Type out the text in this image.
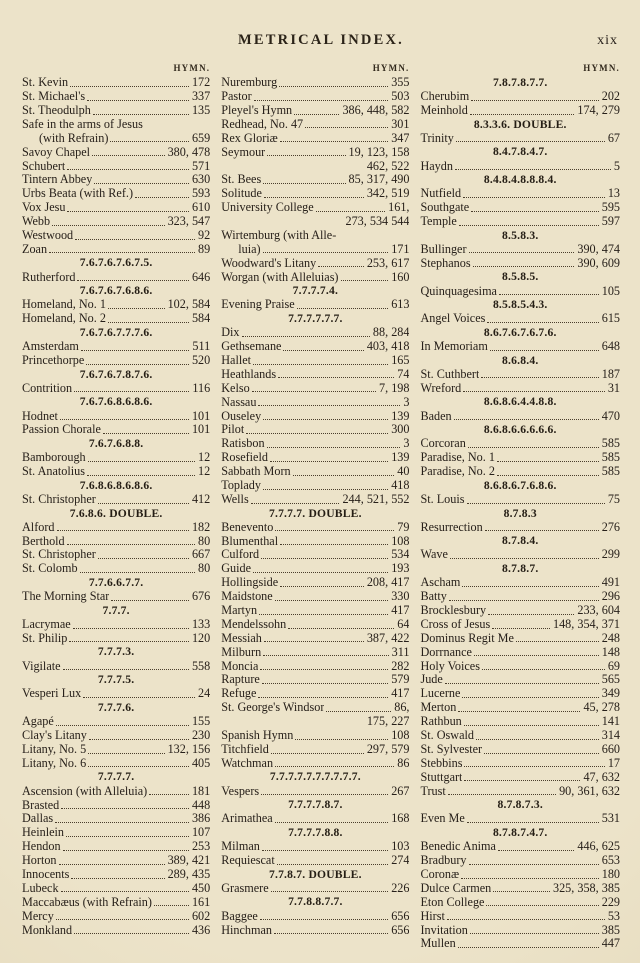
METRICAL INDEX.	xix
HYMN.
St. Kevin	172
St. Michael's	337
St. Theodulph	135
Safe in the arms of Jesus
(with Refrain)	659
Savoy Chapel	380, 478
Schubert	571
Tintern Abbey	630
Urbs Beata (with Ref.)	593
Vox Jesu	610
Webb	323, 547
Westwood	92
Zoan	89
7.6.7.6.7.6.7.5.
Rutherford	646
7.6.7.6.7.6.8.6.
Homeland, No. 1	102, 584
Homeland, No. 2	584
7.6.7.6.7.7.7.6.
Amsterdam	511
Princethorpe	520
7.6.7.6.7.8.7.6.
Contrition	116
7.6.7.6.8.6.8.6.
Hodnet	101
Passion Chorale	101
7.6.7.6.8.8.
Bamborough	12
St. Anatolius	12
7.6.8.6.8.6.8.6.
St. Christopher	412
7.6.8.6. DOUBLE.
Alford	182
Berthold	80
St. Christopher	667
St. Colomb	80
7.7.6.6.7.7.
The Morning Star	676
7.7.7.
Lacrymae	133
St. Philip	120
7.7.7.3.
Vigilate	558
7.7.7.5.
Vesperi Lux	24
7.7.7.6.
Agapé	155
Clay's Litany	230
Litany, No. 5	132, 156
Litany, No. 6	405
7.7.7.7.
Ascension (with Alleluia)	181
Brasted	448
Dallas	386
Heinlein	107
Hendon	253
Horton	389, 421
Innocents	289, 435
Lubeck	450
Maccabæus (with Refrain)	161
Mercy	602
Monkland	436
HYMN.
Nuremburg	355
Pastor	503
Pleyel's Hymn	386, 448, 582
Redhead, No. 47	301
Rex Gloriæ	347
Seymour	19, 123, 158
462, 522
St. Bees	85, 317, 490
Solitude	342, 519
University College	161,
273, 534 544
Wirtemburg (with Alle-
luia)	171
Woodward's Litany	253, 617
Worgan (with Alleluias)	160
7.7.7.7.4.
Evening Praise	613
7.7.7.7.7.7.
Dix	88, 284
Gethsemane	403, 418
Hallet	165
Heathlands	74
Kelso	7, 198
Nassau	3
Ouseley	139
Pilot	300
Ratisbon	3
Rosefield	139
Sabbath Morn	40
Toplady	418
Wells	244, 521, 552
7.7.7.7. DOUBLE.
Benevento	79
Blumenthal	108
Culford	534
Guide	193
Hollingside	208, 417
Maidstone	330
Martyn	417
Mendelssohn	64
Messiah	387, 422
Milburn	311
Moncia	282
Rapture	579
Refuge	417
St. George's Windsor	86,
175, 227
Spanish Hymn	108
Titchfield	297, 579
Watchman	86
7.7.7.7.7.7.7.7.7.7.
Vespers	267
7.7.7.7.8.7.
Arimathea	168
7.7.7.7.8.8.
Milman	103
Requiescat	274
7.7.8.7. DOUBLE.
Grasmere	226
7.7.8.8.7.7.
Baggee	656
Hinchman	656
HYMN.
7.8.7.8.7.7.
Cherubim	202
Meinhold	174, 279
8.3.3.6. DOUBLE.
Trinity	67
8.4.7.8.4.7.
Haydn	5
8.4.8.4.8.8.8.4.
Nutfield	13
Southgate	595
Temple	597
8.5.8.3.
Bullinger	390, 474
Stephanos	390, 609
8.5.8.5.
Quinquagesima	105
8.5.8.5.4.3.
Angel Voices	615
8.6.7.6.7.6.7.6.
In Memoriam	648
8.6.8.4.
St. Cuthbert	187
Wreford	31
8.6.8.6.4.4.8.8.
Baden	470
8.6.8.6.6.6.6.6.
Corcoran	585
Paradise, No. 1	585
Paradise, No. 2	585
8.6.8.6.7.6.8.6.
St. Louis	75
8.7.8.3
Resurrection	276
8.7.8.4.
Wave	299
8.7.8.7.
Ascham	491
Batty	296
Brocklesbury	233, 604
Cross of Jesus	148, 354, 371
Dominus Regit Me	248
Dorrnance	148
Holy Voices	69
Jude	565
Lucerne	349
Merton	45, 278
Rathbun	141
St. Oswald	314
St. Sylvester	660
Stebbins	17
Stuttgart	47, 632
Trust	90, 361, 632
8.7.8.7.3.
Even Me	531
8.7.8.7.4.7.
Benedic Anima	446, 625
Bradbury	653
Coronæ	180
Dulce Carmen	325, 358, 385
Eton College	229
Hirst	53
Invitation	385
Mullen	447
